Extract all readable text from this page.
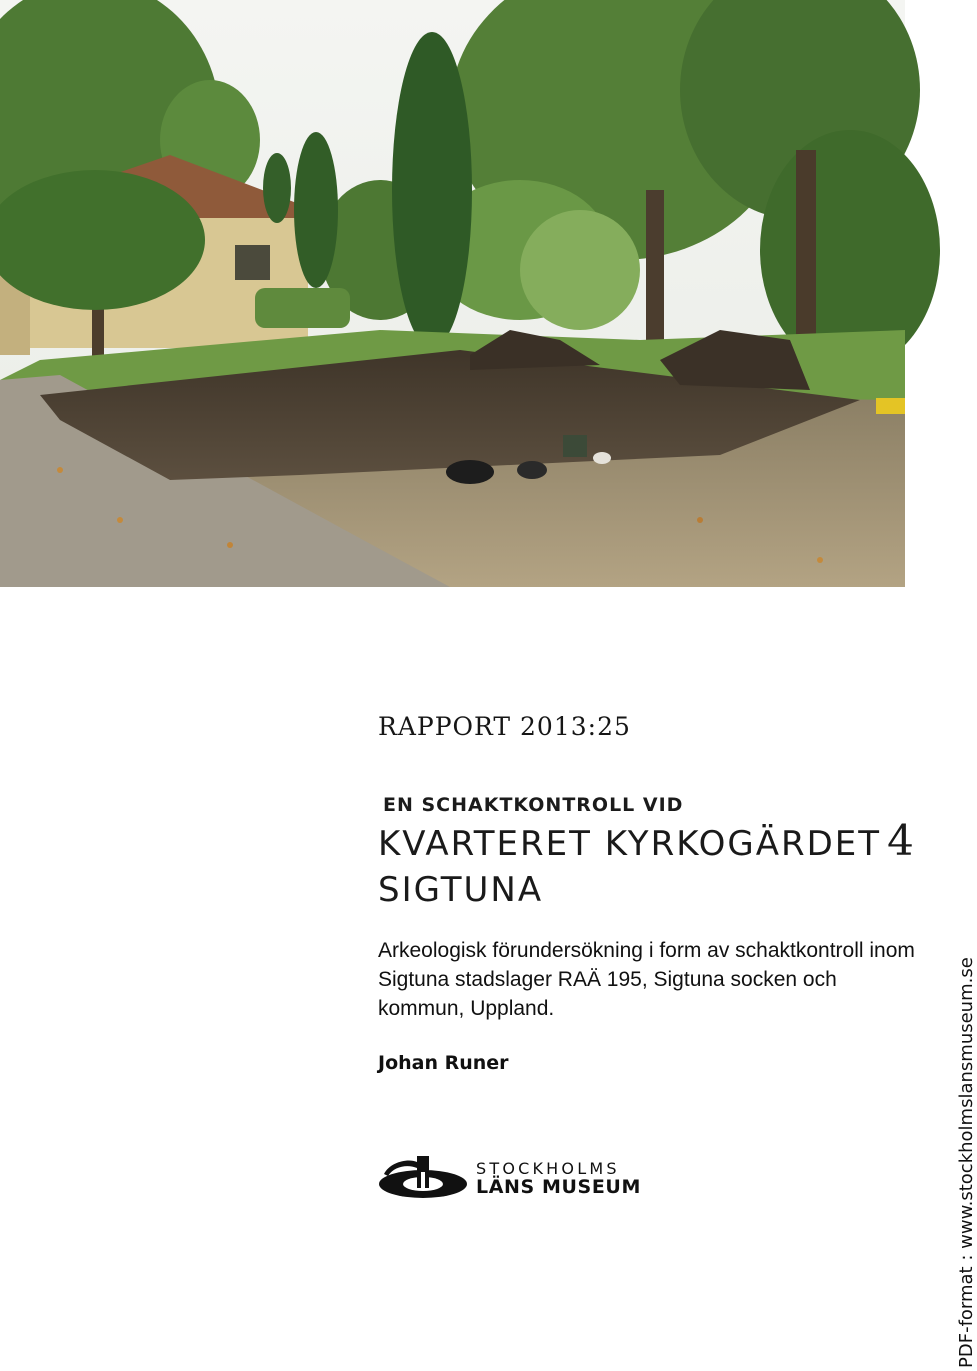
RAPPORT 2013:25

EN SCHAKTKONTROLL VID

KVARTERET KYRKOGÄRDET 4
SIGTUNA

Arkeologisk förundersökning i form av schaktkontroll inom Sigtuna stadslager RAÄ 195, Sigtuna socken och kommun, Uppland.

Johan Runer

STOCKHOLMS
LÄNS MUSEUM	PDF-format : www.stockholmslansmuseum.se
